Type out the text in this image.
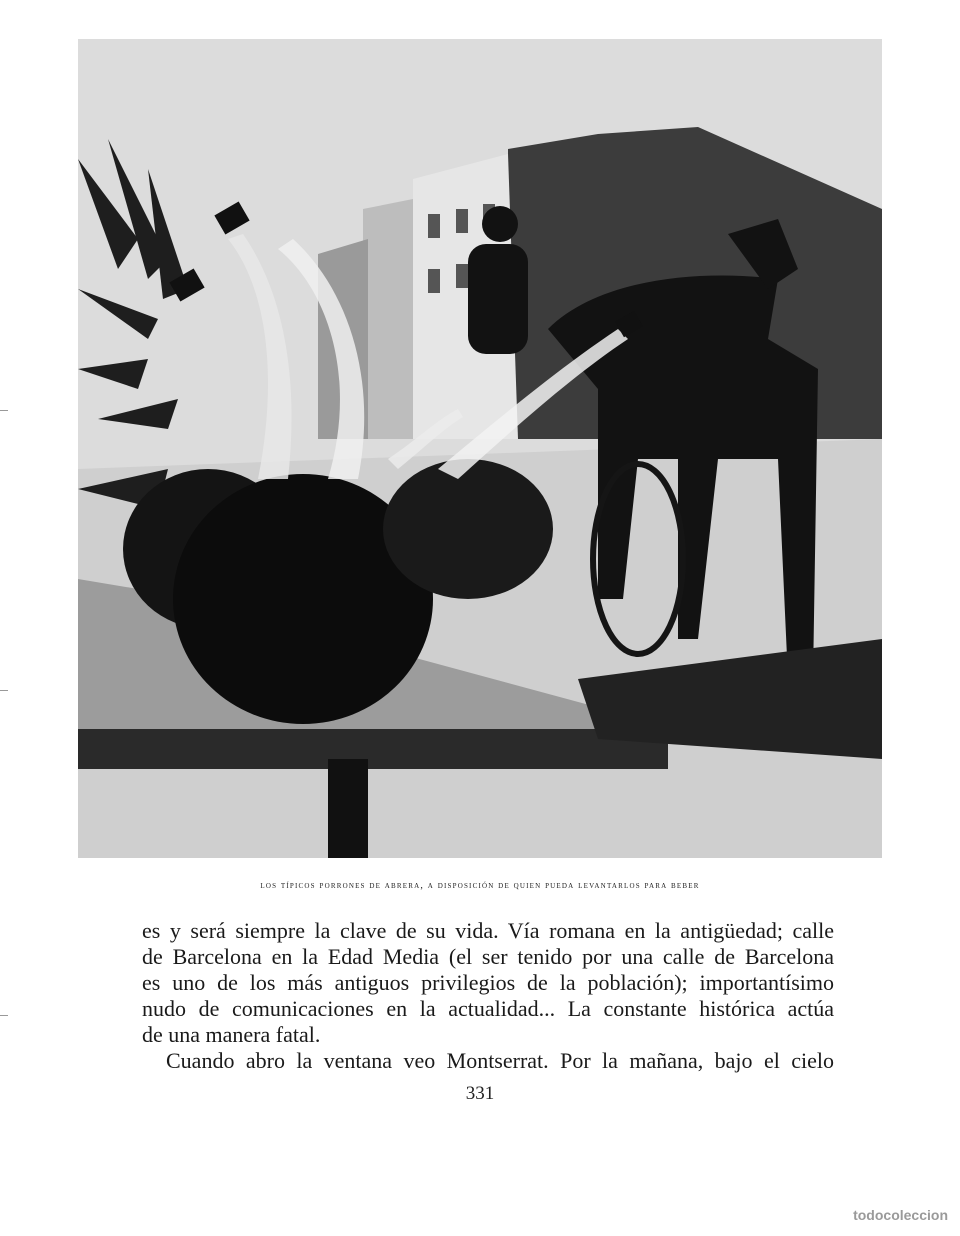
los típicos porrones de abrera, a disposición de quien pueda levantarlos para beber

es y será siempre la clave de su vida. Vía romana en la antigüedad; calle
de Barcelona en la Edad Media (el ser tenido por una calle de Barcelona
es uno de los más antiguos privilegios de la población); importantísimo
nudo de comunicaciones en la actualidad... La constante histórica actúa
de una manera fatal.

Cuando abro la ventana veo Montserrat. Por la mañana, bajo el cielo

331
todocoleccion
